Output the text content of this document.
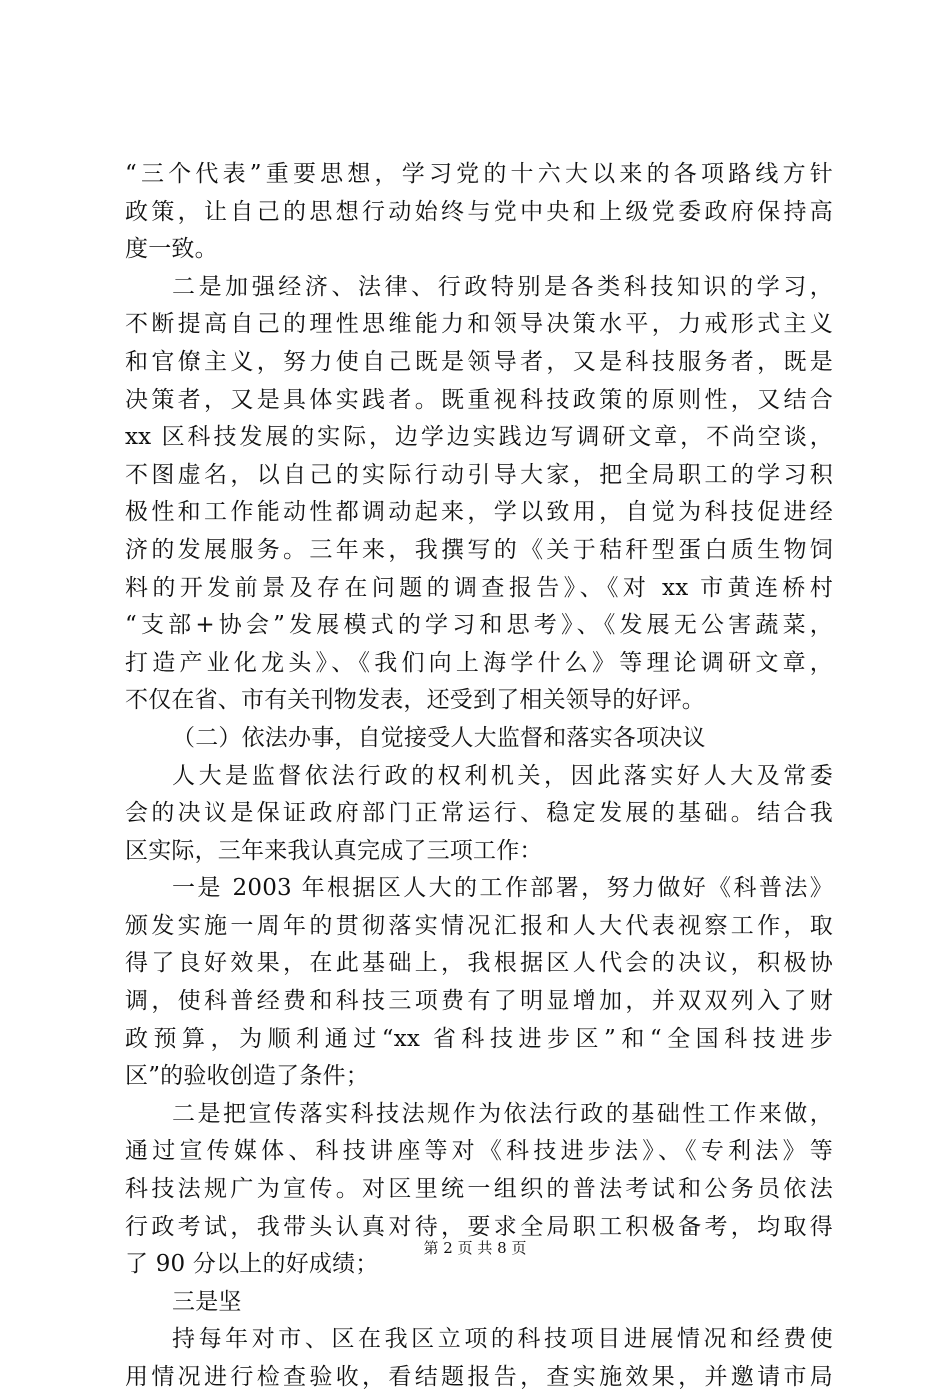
“三个代表”重要思想，学习党的十六大以来的各项路线方针
政策，让自己的思想行动始终与党中央和上级党委政府保持高
度一致。
二是加强经济、法律、行政特别是各类科技知识的学习，
不断提高自己的理性思维能力和领导决策水平，力戒形式主义
和官僚主义，努力使自己既是领导者，又是科技服务者，既是
决策者，又是具体实践者。既重视科技政策的原则性，又结合
xx 区科技发展的实际，边学边实践边写调研文章，不尚空谈，
不图虚名，以自己的实际行动引导大家，把全局职工的学习积
极性和工作能动性都调动起来，学以致用，自觉为科技促进经
济的发展服务。三年来，我撰写的《关于秸秆型蛋白质生物饲
料的开发前景及存在问题的调查报告》、《对 xx 市黄连桥村
“支部+协会”发展模式的学习和思考》、《发展无公害蔬菜，
打造产业化龙头》、《我们向上海学什么》等理论调研文章，
不仅在省、市有关刊物发表，还受到了相关领导的好评。
（二）依法办事，自觉接受人大监督和落实各项决议
人大是监督依法行政的权利机关，因此落实好人大及常委
会的决议是保证政府部门正常运行、稳定发展的基础。结合我
区实际，三年来我认真完成了三项工作：
一是 2003 年根据区人大的工作部署，努力做好《科普法》
颁发实施一周年的贯彻落实情况汇报和人大代表视察工作，取
得了良好效果，在此基础上，我根据区人代会的决议，积极协
调，使科普经费和科技三项费有了明显增加，并双双列入了财
政预算，为顺利通过“xx 省科技进步区”和“全国科技进步
区”的验收创造了条件；
二是把宣传落实科技法规作为依法行政的基础性工作来做，
通过宣传媒体、科技讲座等对《科技进步法》、《专利法》等
科技法规广为宣传。对区里统一组织的普法考试和公务员依法
行政考试，我带头认真对待，要求全局职工积极备考，均取得
了 90 分以上的好成绩；
三是坚
持每年对市、区在我区立项的科技项目进展情况和经费使
用情况进行检查验收，看结题报告，查实施效果，并邀请市局
第 2 页 共 8 页
